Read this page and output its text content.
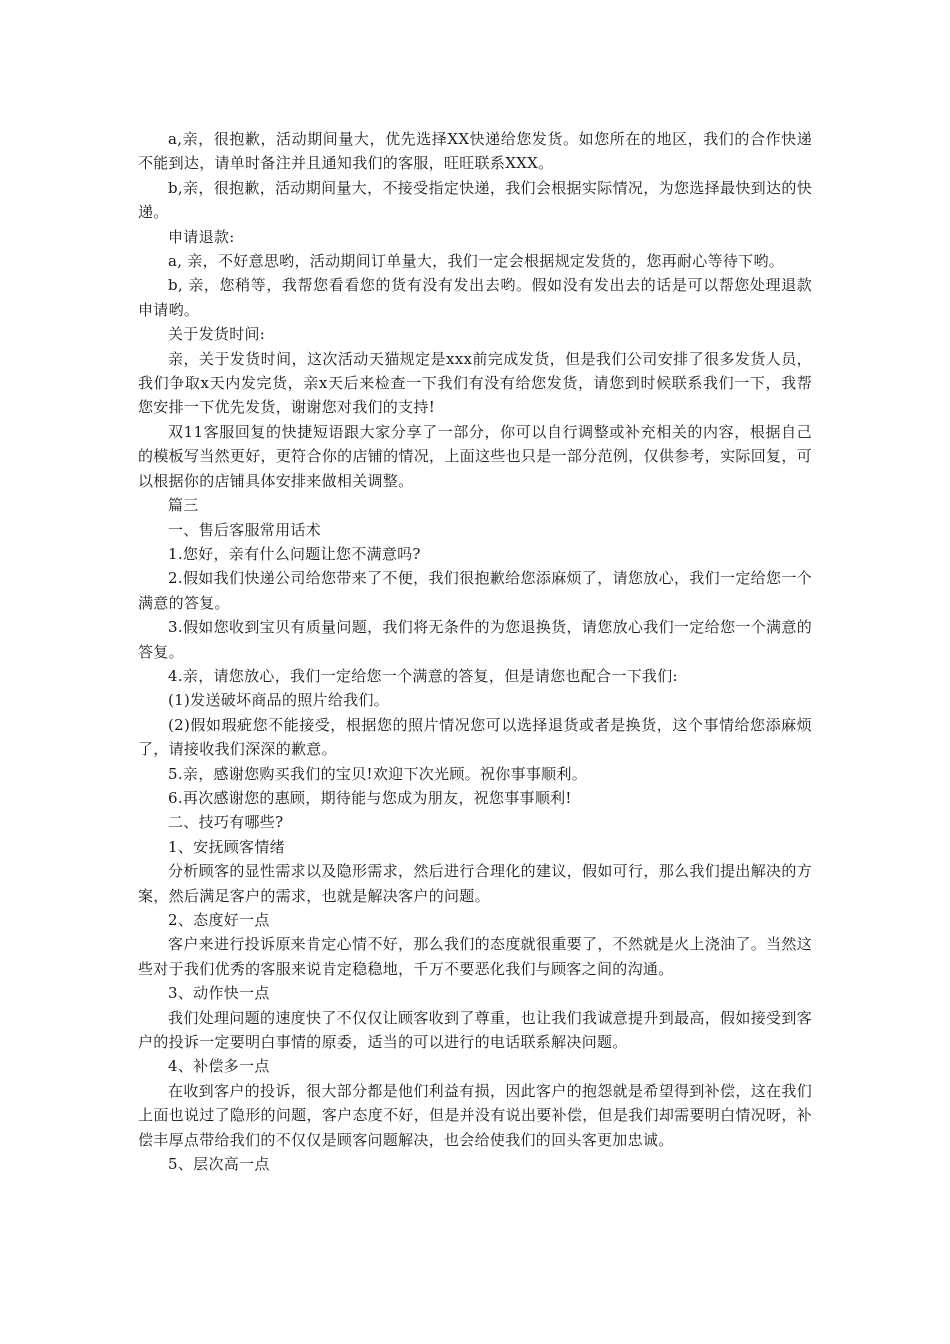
a,亲，很抱歉，活动期间量大，优先选择XX快递给您发货。如您所在的地区，我们的合作快递不能到达，请单时备注并且通知我们的客服，旺旺联系XXX。

b,亲，很抱歉，活动期间量大，不接受指定快递，我们会根据实际情况，为您选择最快到达的快递。

申请退款:

a, 亲，不好意思哟，活动期间订单量大，我们一定会根据规定发货的，您再耐心等待下哟。

b, 亲，您稍等，我帮您看看您的货有没有发出去哟。假如没有发出去的话是可以帮您处理退款申请哟。

关于发货时间:

亲，关于发货时间，这次活动天猫规定是xxx前完成发货，但是我们公司安排了很多发货人员，我们争取x天内发完货，亲x天后来检查一下我们有没有给您发货，请您到时候联系我们一下，我帮您安排一下优先发货，谢谢您对我们的支持!

双11客服回复的快捷短语跟大家分享了一部分，你可以自行调整或补充相关的内容，根据自己的模板写当然更好，更符合你的店铺的情况，上面这些也只是一部分范例，仅供参考，实际回复，可以根据你的店铺具体安排来做相关调整。

篇三

一、售后客服常用话术

1.您好，亲有什么问题让您不满意吗?

2.假如我们快递公司给您带来了不便，我们很抱歉给您添麻烦了，请您放心，我们一定给您一个满意的答复。

3.假如您收到宝贝有质量问题，我们将无条件的为您退换货，请您放心我们一定给您一个满意的答复。

4.亲，请您放心，我们一定给您一个满意的答复，但是请您也配合一下我们:

(1)发送破坏商品的照片给我们。

(2)假如瑕疵您不能接受，根据您的照片情况您可以选择退货或者是换货，这个事情给您添麻烦了，请接收我们深深的歉意。

5.亲，感谢您购买我们的宝贝!欢迎下次光顾。祝你事事顺利。

6.再次感谢您的惠顾，期待能与您成为朋友，祝您事事顺利!

二、技巧有哪些?

1、安抚顾客情绪

分析顾客的显性需求以及隐形需求，然后进行合理化的建议，假如可行，那么我们提出解决的方案，然后满足客户的需求，也就是解决客户的问题。

2、态度好一点

客户来进行投诉原来肯定心情不好，那么我们的态度就很重要了，不然就是火上浇油了。当然这些对于我们优秀的客服来说肯定稳稳地，千万不要恶化我们与顾客之间的沟通。

3、动作快一点

我们处理问题的速度快了不仅仅让顾客收到了尊重，也让我们我诚意提升到最高，假如接受到客户的投诉一定要明白事情的原委，适当的可以进行的电话联系解决问题。

4、补偿多一点

在收到客户的投诉，很大部分都是他们利益有损，因此客户的抱怨就是希望得到补偿，这在我们上面也说过了隐形的问题，客户态度不好，但是并没有说出要补偿，但是我们却需要明白情况呀，补偿丰厚点带给我们的不仅仅是顾客问题解决，也会给使我们的回头客更加忠诚。

5、层次高一点
